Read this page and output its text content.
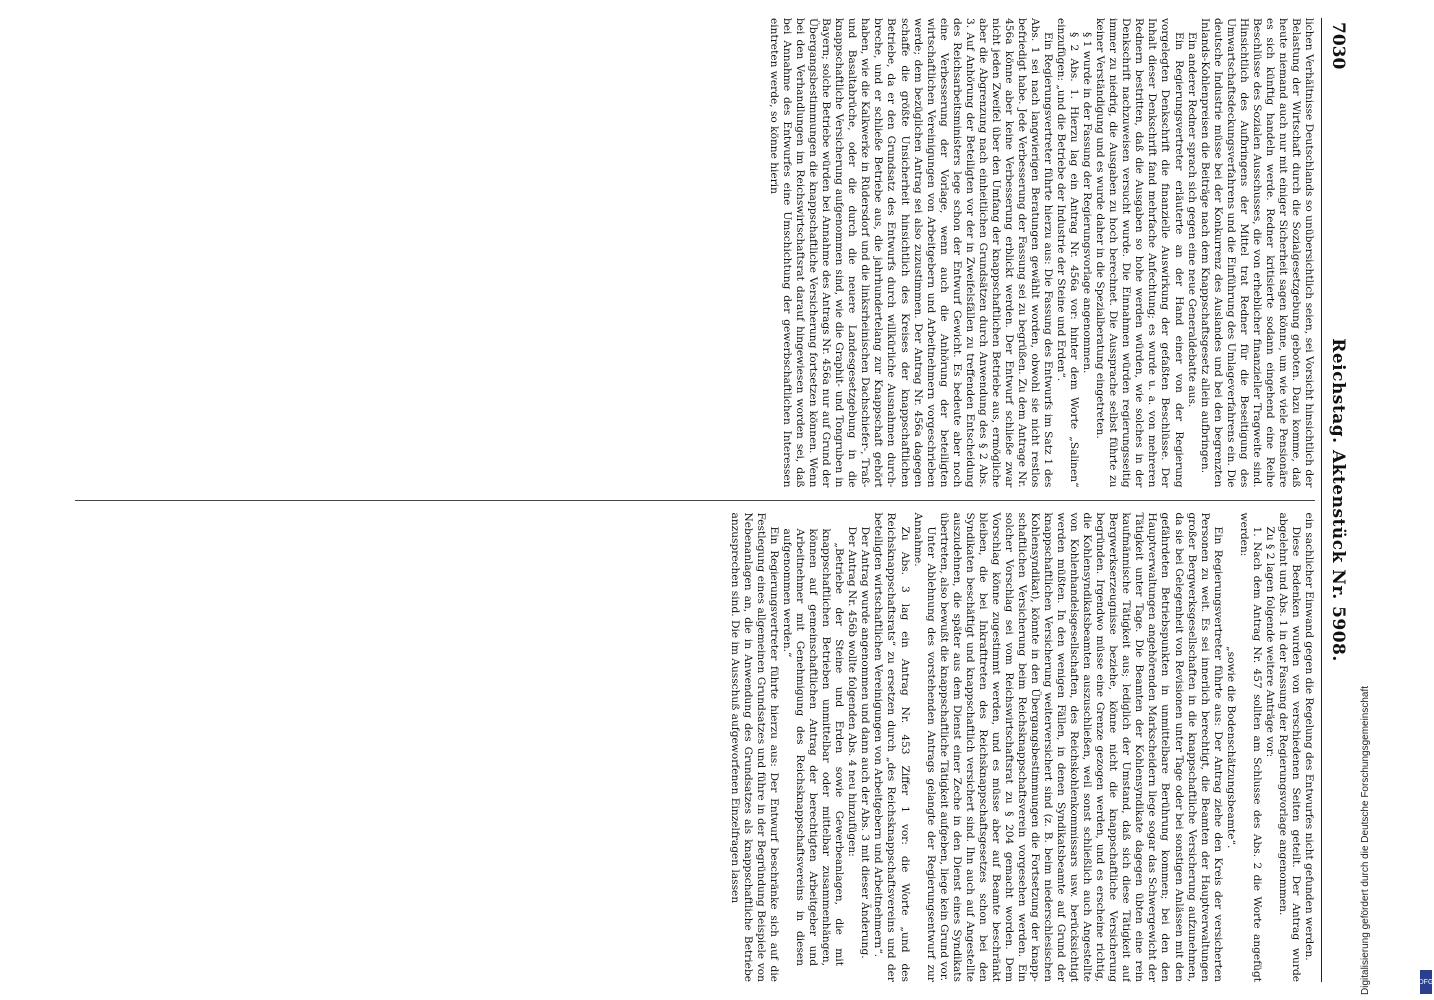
7030
Reichstag. Aktenstück Nr. 5908.

lichen Verhältnisse Deutschlands so unübersichtlich seien, sei Vorsicht hinsichtlich der Belastung der Wirtschaft durch die Sozialgesetzgebung geboten. Dazu komme, daß heute niemand auch nur mit einiger Sicherheit sagen könne, um wie viele Pensionäre es sich künftig handeln werde. Redner kritisierte sodann eingehend eine Reihe Beschlüsse des Sozialen Ausschusses, die von erheblicher finanzieller Tragweite sind. Hinsichtlich des Aufbringens der Mittel trat Redner für die Beseitigung des Umwartschaftsdeckungsverfahrens und die Einführung des Umlageverfahrens ein. Die deutsche Industrie müsse bei der Konkurrenz des Auslandes und bei den begrenzten Inlands-Kohlenpreisen die Beiträge nach dem Knappschaftsgesetz allein aufbringen.

Ein anderer Redner sprach sich gegen eine neue Generaldebatte aus.

Ein Regierungsvertreter erläuterte an der Hand einer von der Regierung vorgelegten Denkschrift die finanzielle Auswirkung der gefaßten Beschlüsse. Der Inhalt dieser Denkschrift fand mehrfache Anfechtung; es wurde u. a. von mehreren Rednern bestritten, daß die Ausgaben so hohe werden würden, wie solches in der Denkschrift nachzuweisen versucht wurde. Die Einnahmen würden regierungsseitig immer zu niedrig, die Ausgaben zu hoch berechnet. Die Aussprache selbst führte zu keiner Verständigung und es wurde daher in die Spezialberatung eingetreten.

§ 1 wurde in der Fassung der Regierungsvorlage angenommen.

§ 2 Abs. 1. Hierzu lag ein Antrag Nr. 456a vor: hinter dem Worte „Salinen“ einzufügen: „und die Betriebe der Industrie der Steine und Erden“.

Ein Regierungsvertreter führte hierzu aus: Die Fassung des Entwurfs im Satz 1 des Abs. 1 sei nach langwierigen Beratungen gewählt worden, obwohl sie nicht restlos befriedigt habe. Jede Verbesserung der Fassung sei zu begrüßen. Zu dem Antrage Nr. 456a könne aber keine Verbesserung erblickt werden. Der Entwurf schließe zwar nicht jeden Zweifel über den Umfang der knappschaftlichen Betriebe aus, ermögliche aber die Abgrenzung nach einheitlichen Grundsätzen durch Anwendung des § 2 Abs. 3. Auf Anhörung der Beteiligten vor der in Zweifelsfällen zu treffenden Entscheidung des Reichsarbeitsministers lege schon der Entwurf Gewicht. Es bedeute aber noch eine Verbesserung der Vorlage, wenn auch die Anhörung der beteiligten wirtschaftlichen Vereinigungen von Arbeitgebern und Arbeitnehmern vorgeschrieben werde; dem bezüglichen Antrag sei also zuzustimmen. Der Antrag Nr. 456a dagegen schaffe die größte Unsicherheit hinsichtlich des Kreises der knappschaftlichen Betriebe, da er den Grundsatz des Entwurfs durch willkürliche Ausnahmen durchbreche, und er schließe Betriebe aus, die jahrhundertelang zur Knappschaft gehört haben, wie die Kalkwerke in Rüdersdorf und die linksrheinischen Dachschiefer-, Traß- und Basaltabrüche, oder die durch die neuere Landesgesetzgebung in die knappschaftliche Versicherung aufgenommen sind, wie die Graphit- und Tongruben in Bayern; solche Betriebe würden bei Annahme des Antrags Nr. 456a nur auf Grund der Übergangsbestimmungen die knappschaftliche Versicherung fortsetzen können. Wenn bei den Verhandlungen im Reichswirtschaftsrat darauf hingewiesen worden sei, daß bei Annahme des Entwurfes eine Umschichtung der gewerbschaftlichen Interessen eintreten werde, so könne hierin

ein sachlicher Einwand gegen die Regelung des Entwurfes nicht gefunden werden.

Diese Bedenken wurden von verschiedenen Seiten geteilt. Der Antrag wurde abgelehnt und Abs. 1 in der Fassung der Regierungsvorlage angenommen.

Zu § 2 lagen folgende weitere Anträge vor:

1. Nach dem Antrag Nr. 457 sollten am Schlusse des Abs. 2 die Worte angefügt werden:

„sowie die Bodenschätzungsbeamte“.

Ein Regierungsvertreter führte aus: Der Antrag ziehe den Kreis der versicherten Personen zu weit. Es sei innerlich berechtigt, die Beamten der Hauptverwaltungen großer Bergwerksgesellschaften in die knappschaftliche Versicherung aufzunehmen, da sie bei Gelegenheit von Revisionen unter Tage oder bei sonstigen Anlässen mit den gefährdeten Betriebspunkten in unmittelbare Berührung kommen; bei den den Hauptverwaltungen angehörenden Markscheidern liege sogar das Schwergewicht der Tätigkeit unter Tage. Die Beamten der Kohlensyndikate dagegen übten eine rein kaufmännische Tätigkeit aus; lediglich der Umstand, daß sich diese Tätigkeit auf Bergwerkserzeugnisse beziehe, könne nicht die knappschaftliche Versicherung begründen. Irgendwo müsse eine Grenze gezogen werden, und es erscheine richtig, die Kohlensyndikatsbeamten auszuschließen, weil sonst schließlich auch Angestellte von Kohlenhandelsgesellschaften, des Reichskohlenkommissars usw. berücksichtigt werden müßten. In den wenigen Fällen, in denen Syndikatsbeamte auf Grund der knappschaftlichen Versicherung weiterversichert sind (z. B. beim niederschlesischen Kohlensyndikat), könnte in den Übergangsbestimmungen die Fortsetzung der knappschaftlichen Versicherung beim Reichsknappschaftsverein vorgesehen werden. Ein solcher Vorschlag sei vom Reichswirtschaftsrat zu § 204 gemacht worden. Dem Vorschlag könne zugestimmt werden, und es müsse aber auf Beamte beschränkt bleiben, die bei Inkrafttreten des Reichsknappschaftsgesetzes schon bei den Syndikaten beschäftigt und knappschaftlich versichert sind. Ihn auch auf Angestellte auszudehnen, die später aus dem Dienst einer Zeche in den Dienst eines Syndikats übertreten, also bewußt die knappschaftliche Tätigkeit aufgeben, liege kein Grund vor.

Unter Ablehnung des vorstehenden Antrags gelangte der Regierungsentwurf zur Annahme.

Zu Abs. 3 lag ein Antrag Nr. 453 Ziffer 1 vor: die Worte „und des Reichsknappschaftsrats“ zu ersetzen durch „des Reichsknappschaftsvereins und der beteiligten wirtschaftlichen Vereinigungen von Arbeitgebern und Arbeitnehmern“.

Der Antrag wurde angenommen und dann auch der Abs. 3 mit dieser Änderung.

Der Antrag Nr. 456b wollte folgenden Abs. 4 neu hinzufügen:

„Betriebe der Steine und Erden sowie Gewerbeanlagen, die mit knappschaftlichen Betrieben unmittelbar oder mittelbar zusammenhängen, können auf gemeinschaftlichen Antrag der berechtigten Arbeitgeber und Arbeitnehmer mit Genehmigung des Reichsknappschaftsvereins in diesen aufgenommen werden.“

Ein Regierungsvertreter führte hierzu aus: Der Entwurf beschränke sich auf die Festlegung eines allgemeinen Grundsatzes und führe in der Begründung Beispiele von Nebenanlagen an, die in Anwendung des Grundsatzes als knappschaftliche Betriebe anzusprechen sind. Die im Ausschuß aufgeworfenen Einzelfragen lassen	Digitalisierung gefördert durch die Deutsche Forschungsgemeinschaft	DFG
